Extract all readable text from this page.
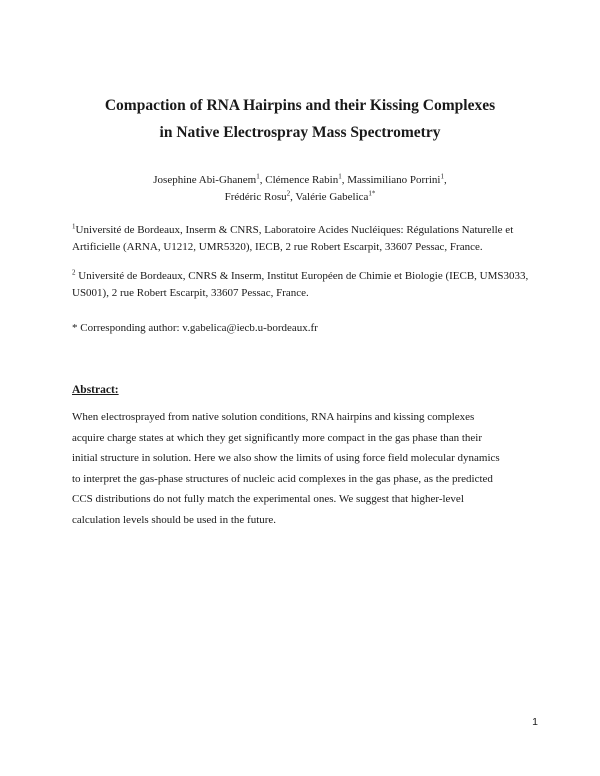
Compaction of RNA Hairpins and their Kissing Complexes
in Native Electrospray Mass Spectrometry
Josephine Abi-Ghanem$^1$, Clémence Rabin$^1$, Massimiliano Porrini$^1$,
Frédéric Rosu$^2$, Valérie Gabelica$^{1*}$
$^1$Université de Bordeaux, Inserm & CNRS, Laboratoire Acides Nucléiques: Régulations Naturelle et Artificielle (ARNA, U1212, UMR5320), IECB, 2 rue Robert Escarpit, 33607 Pessac, France.
$^2$ Université de Bordeaux, CNRS & Inserm, Institut Européen de Chimie et Biologie (IECB, UMS3033, US001), 2 rue Robert Escarpit, 33607 Pessac, France.
* Corresponding author: v.gabelica@iecb.u-bordeaux.fr
Abstract:
When electrosprayed from native solution conditions, RNA hairpins and kissing complexes
acquire charge states at which they get significantly more compact in the gas phase than their
initial structure in solution. Here we also show the limits of using force field molecular dynamics
to interpret the gas-phase structures of nucleic acid complexes in the gas phase, as the predicted
CCS distributions do not fully match the experimental ones. We suggest that higher-level
calculation levels should be used in the future.
1
